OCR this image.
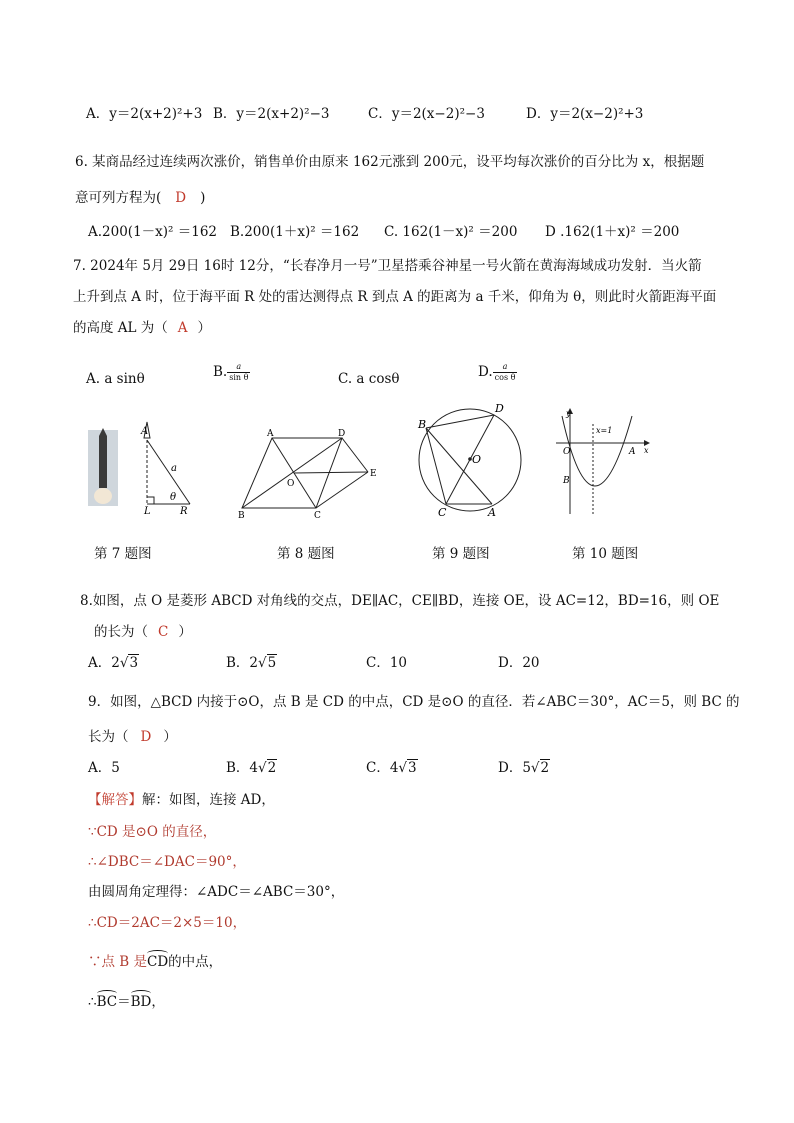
A．y＝2(x+2)²+3 B．y＝2(x+2)²−3	C．y＝2(x−2)²−3	D．y＝2(x−2)²+3
6. 某商品经过连续两次涨价，销售单价由原来 162元涨到 200元，设平均每次涨价的百分比为 x，根据题
意可列方程为( D )
A.200(1－x)² ＝162 B.200(1＋x)² ＝162 C. 162(1－x)² ＝200 D .162(1＋x)² ＝200
7. 2024年 5月 29日 16时 12分，“长春净月一号”卫星搭乘谷神星一号火箭在黄海海域成功发射．当火箭
上升到点 A 时，位于海平面 R 处的雷达测得点 R 到点 A 的距离为 a 千米，仰角为 θ，则此时火箭距海平面
的高度 AL 为（ A ）
A. a sinθ	B. $\frac{a}{\text{sin θ}}$	C. a cosθ	D. $\frac{a}{\text{cos θ}}$
A
a
L	R
θ
A	D
E
B	C
O
B
D
O
C	A
y
x
x=1
O	A
B
第 7 题图	第 8 题图	第 9 题图	第 10 题图
8.如图，点 O 是菱形 ABCD 对角线的交点，DE∥AC，CE∥BD，连接 OE，设 AC=12，BD=16，则 OE
的长为（ C ）
A．2√3	B．2√5	C．10	D．20
9．如图，△BCD 内接于⊙O，点 B 是 CD 的中点，CD 是⊙O 的直径．若∠ABC＝30°，AC＝5，则 BC 的
长为（ D ）
A．5	B．4√2	C．4√3	D．5√2
【解答】解：如图，连接 AD，
∵CD 是⊙O 的直径，
∴∠DBC＝∠DAC＝90°，
由圆周角定理得：∠ADC＝∠ABC＝30°，
∴CD＝2AC＝2×5＝10，
∵点 B 是CD的中点，
∴BC＝BD，
